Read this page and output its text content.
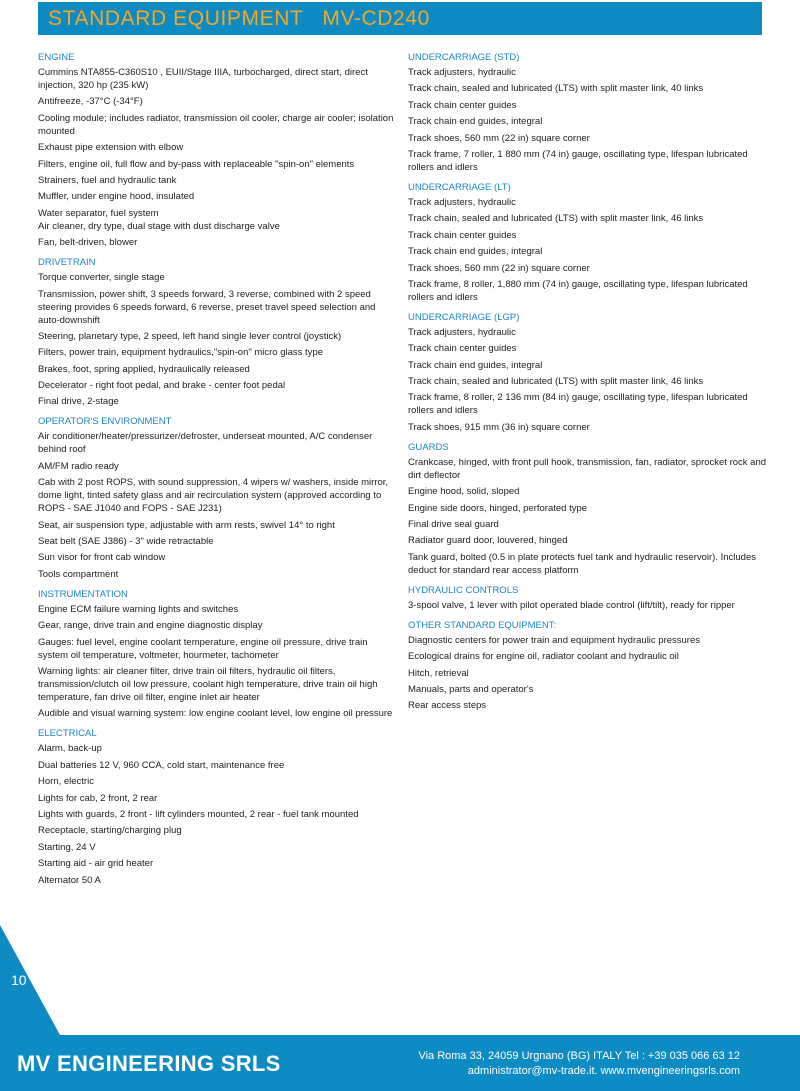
STANDARD EQUIPMENT   MV-CD240
ENGINE
Cummins NTA855-C360S10 , EUII/Stage IIIA, turbocharged, direct start, direct injection, 320 hp (235 kW)
Antifreeze, -37°C (-34°F)
Cooling module; includes radiator, transmission oil cooler, charge air cooler; isolation mounted
Exhaust pipe extension with elbow
Filters, engine oil, full flow and by-pass with replaceable "spin-on" elements
Strainers, fuel and hydraulic tank
Muffler, under engine hood, insulated
Water separator, fuel system
Air cleaner, dry type, dual stage with dust discharge valve
Fan, belt-driven, blower
DRIVETRAIN
Torque converter, single stage
Transmission, power shift, 3 speeds forward, 3 reverse, combined with 2 speed steering provides 6 speeds forward, 6 reverse, preset travel speed selection and auto-downshift
Steering, planetary type, 2 speed, left hand single lever control (joystick)
Filters, power train, equipment hydraulics,"spin-on" micro glass type
Brakes, foot, spring applied, hydraulically released
Decelerator - right foot pedal, and brake - center foot pedal
Final drive, 2-stage
OPERATOR'S ENVIRONMENT
Air conditioner/heater/pressurizer/defroster, underseat mounted, A/C condenser behind roof
AM/FM radio ready
Cab with 2 post ROPS, with sound suppression, 4 wipers w/ washers, inside mirror, dome light, tinted safety glass and air recirculation system (approved according to ROPS - SAE J1040 and FOPS - SAE J231)
Seat, air suspension type, adjustable with arm rests, swivel 14° to right
Seat belt (SAE J386) - 3" wide retractable
Sun visor for front cab window
Tools compartment
INSTRUMENTATION
Engine ECM failure warning lights and switches
Gear, range, drive train and engine diagnostic display
Gauges: fuel level, engine coolant temperature, engine oil pressure, drive train system oil temperature, voltmeter, hourmeter, tachometer
Warning lights: air cleaner filter, drive train oil filters, hydraulic oil filters, transmission/clutch oil low pressure, coolant high temperature, drive train oil high temperature, fan drive oil filter, engine inlet air heater
Audible and visual warning system: low engine coolant level, low engine oil pressure
ELECTRICAL
Alarm, back-up
Dual batteries 12 V, 960 CCA, cold start, maintenance free
Horn, electric
Lights for cab, 2 front, 2 rear
Lights with guards, 2 front - lift cylinders mounted, 2 rear - fuel tank mounted
Receptacle, starting/charging plug
Starting, 24 V
Starting aid - air grid heater
Alternator 50 A
UNDERCARRIAGE (STD)
Track adjusters, hydraulic
Track chain, sealed and lubricated (LTS) with split master link, 40 links
Track chain center guides
Track chain end guides, integral
Track shoes, 560 mm (22 in) square corner
Track frame, 7 roller, 1 880 mm (74 in) gauge, oscillating type, lifespan lubricated rollers and idlers
UNDERCARRIAGE (LT)
Track adjusters, hydraulic
Track chain, sealed and lubricated (LTS) with split master link, 46 links
Track chain center guides
Track chain end guides, integral
Track shoes, 560 mm (22 in) square corner
Track frame, 8 roller, 1,880 mm (74 in) gauge, oscillating type, lifespan lubricated rollers and idlers
UNDERCARRIAGE (LGP)
Track adjusters, hydraulic
Track chain center guides
Track chain end guides, integral
Track chain, sealed and lubricated (LTS) with split master link, 46 links
Track frame, 8 roller, 2 136 mm (84 in) gauge, oscillating type, lifespan lubricated rollers and idlers
Track shoes, 915 mm (36 in) square corner
GUARDS
Crankcase, hinged, with front pull hook, transmission, fan, radiator, sprocket rock and dirt deflector
Engine hood, solid, sloped
Engine side doors, hinged, perforated type
Final drive seal guard
Radiator guard door, louvered, hinged
Tank guard, bolted (0.5 in plate protects fuel tank and hydraulic reservoir). Includes deduct for standard rear access platform
HYDRAULIC CONTROLS
3-spool valve, 1 lever with pilot operated blade control (lift/tilt), ready for ripper
OTHER STANDARD EQUIPMENT:
Diagnostic centers for power train and equipment hydraulic pressures
Ecological drains for engine oil, radiator coolant and hydraulic oil
Hitch, retrieval
Manuals, parts and operator's
Rear access steps
10
MV ENGINEERING SRLS	Via Roma 33, 24059 Urgnano (BG) ITALY Tel : +39 035 066 63 12
administrator@mv-trade.it. www.mvengineeringsrls.com
